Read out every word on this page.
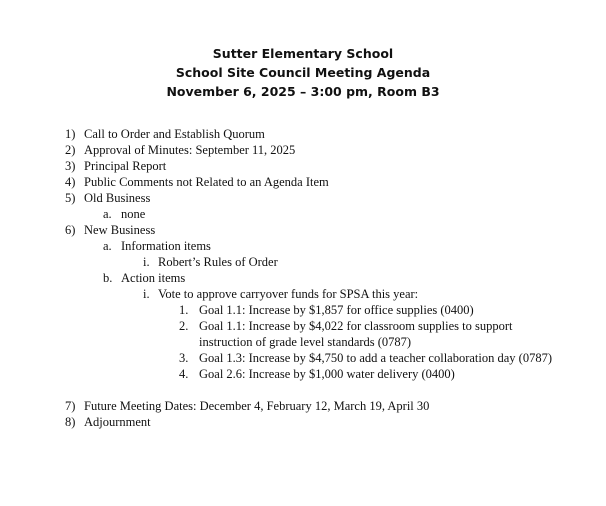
Sutter Elementary School
School Site Council Meeting Agenda
November 6, 2025 – 3:00 pm, Room B3
1) Call to Order and Establish Quorum
2) Approval of Minutes: September 11, 2025
3) Principal Report
4) Public Comments not Related to an Agenda Item
5) Old Business
a. none
6) New Business
a. Information items
i. Robert’s Rules of Order
b. Action items
i. Vote to approve carryover funds for SPSA this year:
1. Goal 1.1: Increase by $1,857 for office supplies (0400)
2. Goal 1.1: Increase by $4,022 for classroom supplies to support
instruction of grade level standards (0787)
3. Goal 1.3: Increase by $4,750 to add a teacher collaboration day (0787)
4. Goal 2.6: Increase by $1,000 water delivery (0400)
7) Future Meeting Dates: December 4, February 12, March 19, April 30
8) Adjournment
